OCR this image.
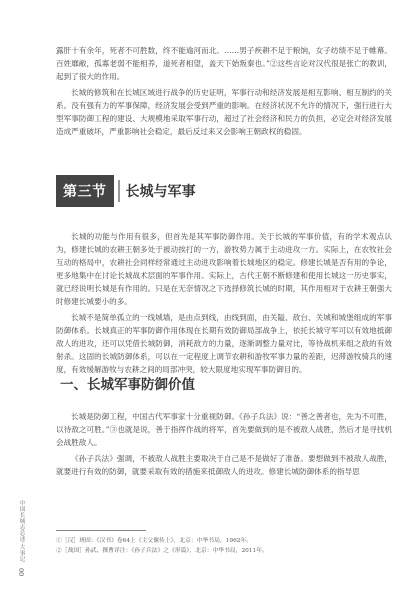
露肝十有余年，死者不可胜数，终不能逾河而北。……男子疾耕不足于粮饷，女子纺绩不足于帷幕。百姓靡敝，孤寡老弱不能相养，道死者相望，盖天下始叛秦也。”②这些言论对汉代很是张亡的教训，起到了很大的作用。

长城的修筑和在长城区域进行战争的历史证明，军事行动和经济发展是相互影响、相互制约的关系。没有强有力的军事保障，经济发展会受到严重的影响。在经济状况不允许的情况下，强行进行大型军事防御工程的建设、大规模地采取军事行动，超过了社会经济和民力的负担，必定会对经济发展造成严重破坏，严重影响社会稳定，最后反过来又会影响王朝政权的稳固。

第三节	长城与军事

长城的功能与作用有很多，但首先是其军事防御作用。关于长城的军事价值，有的学术观点认为，修建长城的农耕王朝多处于被动挨打的一方，游牧势力属于主动进攻一方。实际上，在农牧社会互动的格局中，农耕社会同样经常通过主动进攻影响着长城地区的稳定。修建长城是否有用的争论，更多地集中在讨论长城战术层面的军事作用。实际上，古代王朝不断修建和使用长城这一历史事实，就已经说明长城是有作用的。只是在无奈情况之下选择修筑长城的时期，其作用相对于农耕王朝强大时修建长城要小的多。

长城不是简单孤立的一线城墙，是由点到线，由线到面，由关隘、敌台、关城和城堡组成的军事防御体系。长城真正的军事防御作用体现在长期有效防御局部战争上，依托长城守军可以有效地抵御敌人的进攻，还可以凭借长城防御，消耗敌方的力量，逐渐调整力量对比，等待战机来组之敌的有效射杀。这固的长城防御体系，可以在一定程度上调节农耕和游牧军事力量的差距，迟滞游牧骑兵的速度，有效缓解游牧与农耕之间的局部冲突，较大限度地实现军事防御目的。

一、长城军事防御价值

长城是防御工程，中国古代军事家十分重视防御。《孙子兵法》说：“善之善者也，先为不可胜，以待敌之可胜。”③也就是说，善于指挥作战的将军，首先要做到的是不被敌人战胜，然后才是寻找机会战胜敌人。

《孙子兵法》强调，不被敌人战胜主要取决于自己是不是做好了准备。要想做到不被敌人战胜，就要进行有效的防御，就要采取有效的措施来抵御敌人的进攻。修建长城防御体系的指导思

①［汉］班固：《汉书》卷64上《主父偃传上》，北京：中华书局，1962年。

②［战国］孙武、撰曹详注：《孙子兵法》之《形篇》，北京：中华书局，2011年。

中国长城志
总述·大事记
00
